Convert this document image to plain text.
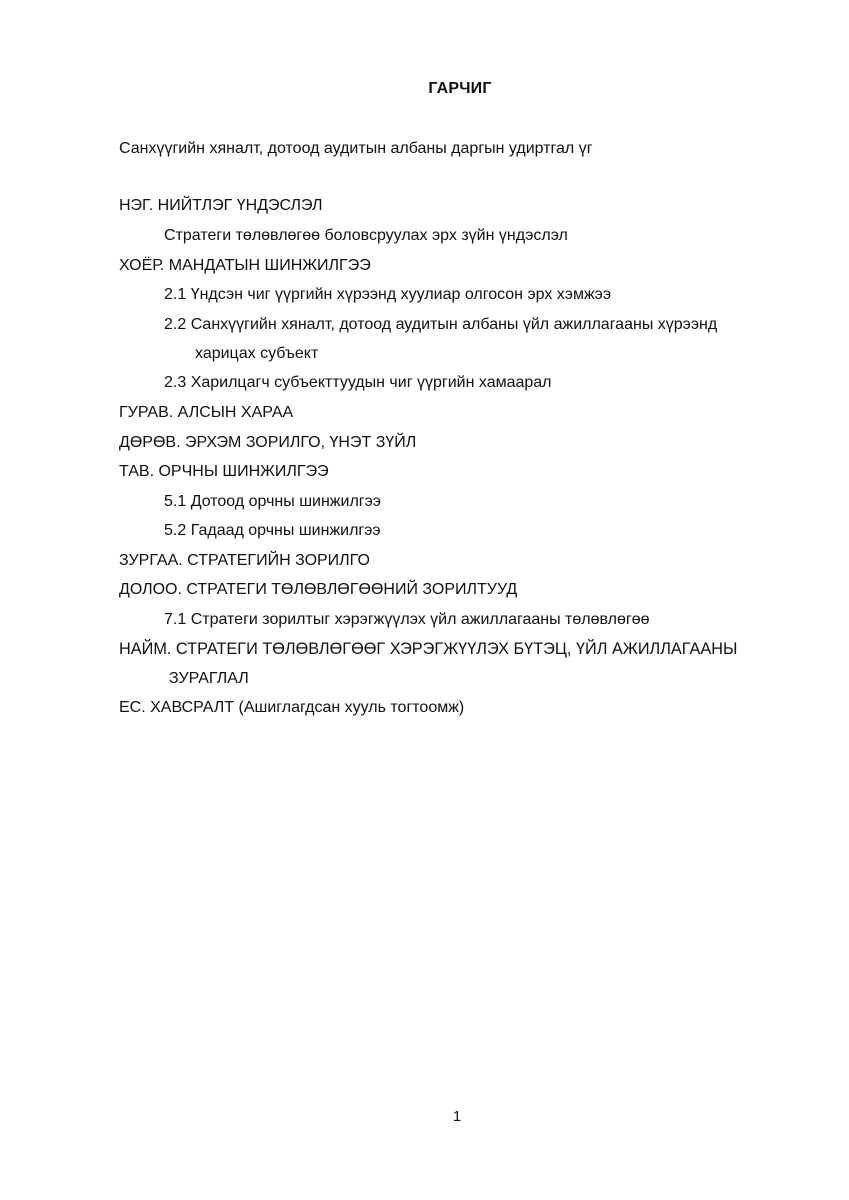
ГАРЧИГ
Санхүүгийн хяналт, дотоод аудитын албаны даргын удиртгал үг
НЭГ. НИЙТЛЭГ ҮНДЭСЛЭЛ
Стратеги төлөвлөгөө боловсруулах эрх зүйн үндэслэл
ХОЁР. МАНДАТЫН ШИНЖИЛГЭЭ
2.1 Үндсэн чиг үүргийн хүрээнд хуулиар олгосон эрх хэмжээ
2.2 Санхүүгийн хяналт, дотоод аудитын албаны үйл ажиллагааны хүрээнд
харицах субъект
2.3 Харилцагч субъекттуудын чиг үүргийн хамаарал
ГУРАВ. АЛСЫН ХАРАА
ДӨРӨВ. ЭРХЭМ ЗОРИЛГО, ҮНЭТ ЗҮЙЛ
ТАВ. ОРЧНЫ ШИНЖИЛГЭЭ
5.1 Дотоод орчны шинжилгээ
5.2 Гадаад орчны шинжилгээ
ЗУРГАА. СТРАТЕГИЙН ЗОРИЛГО
ДОЛОО. СТРАТЕГИ ТӨЛӨВЛӨГӨӨНИЙ ЗОРИЛТУУД
7.1 Стратеги зорилтыг хэрэгжүүлэх үйл ажиллагааны төлөвлөгөө
НАЙМ. СТРАТЕГИ ТӨЛӨВЛӨГӨӨГ ХЭРЭГЖҮҮЛЭХ БҮТЭЦ, ҮЙЛ АЖИЛЛАГААНЫ
ЗУРАГЛАЛ
ЕС. ХАВСРАЛТ (Ашиглагдсан хууль тогтоомж)
1
